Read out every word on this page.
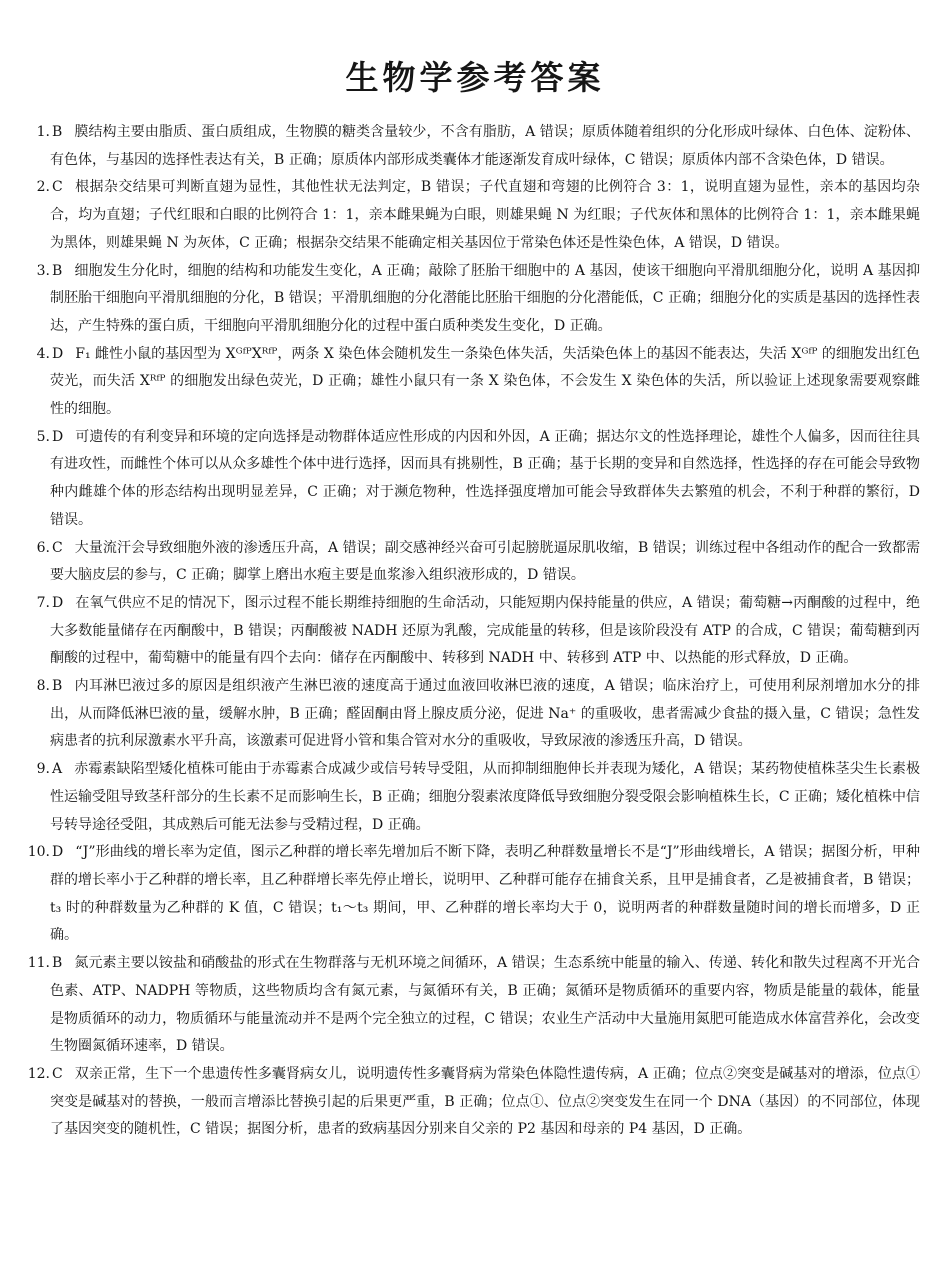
生物学参考答案
1. B 膜结构主要由脂质、蛋白质组成，生物膜的糖类含量较少，不含有脂肪，A 错误；原质体随着组织的分化形成叶绿体、白色体、淀粉体、有色体，与基因的选择性表达有关，B 正确；原质体内部形成类囊体才能逐渐发育成叶绿体，C 错误；原质体内部不含染色体，D 错误。
2. C 根据杂交结果可判断直翅为显性，其他性状无法判定，B 错误；子代直翅和弯翅的比例符合 3：1，说明直翅为显性，亲本的基因均杂合，均为直翅；子代红眼和白眼的比例符合 1：1，亲本雌果蝇为白眼，则雄果蝇 N 为红眼；子代灰体和黑体的比例符合 1：1，亲本雌果蝇为黑体，则雄果蝇 N 为灰体，C 正确；根据杂交结果不能确定相关基因位于常染色体还是性染色体，A 错误，D 错误。
3. B 细胞发生分化时，细胞的结构和功能发生变化，A 正确；敲除了胚胎干细胞中的 A 基因，使该干细胞向平滑肌细胞分化，说明 A 基因抑制胚胎干细胞向平滑肌细胞的分化，B 错误；平滑肌细胞的分化潜能比胚胎干细胞的分化潜能低，C 正确；细胞分化的实质是基因的选择性表达，产生特殊的蛋白质，干细胞向平滑肌细胞分化的过程中蛋白质种类发生变化，D 正确。
4. D F₁ 雌性小鼠的基因型为 XᴳᶠᴾXᴿᶠᴾ，两条 X 染色体会随机发生一条染色体失活，失活染色体上的基因不能表达，失活 Xᴳᶠᴾ 的细胞发出红色荧光，而失活 Xᴿᶠᴾ 的细胞发出绿色荧光，D 正确；雄性小鼠只有一条 X 染色体，不会发生 X 染色体的失活，所以验证上述现象需要观察雌性的细胞。
5. D 可遗传的有利变异和环境的定向选择是动物群体适应性形成的内因和外因，A 正确；据达尔文的性选择理论，雄性个人偏多，因而往往具有进攻性，而雌性个体可以从众多雄性个体中进行选择，因而具有挑剔性，B 正确；基于长期的变异和自然选择，性选择的存在可能会导致物种内雌雄个体的形态结构出现明显差异，C 正确；对于濒危物种，性选择强度增加可能会导致群体失去繁殖的机会，不利于种群的繁衍，D 错误。
6. C 大量流汗会导致细胞外液的渗透压升高，A 错误；副交感神经兴奋可引起膀胱逼尿肌收缩，B 错误；训练过程中各组动作的配合一致都需要大脑皮层的参与，C 正确；脚掌上磨出水疱主要是血浆渗入组织液形成的，D 错误。
7. D 在氧气供应不足的情况下，图示过程不能长期维持细胞的生命活动，只能短期内保持能量的供应，A 错误；葡萄糖→丙酮酸的过程中，绝大多数能量储存在丙酮酸中，B 错误；丙酮酸被 NADH 还原为乳酸，完成能量的转移，但是该阶段没有 ATP 的合成，C 错误；葡萄糖到丙酮酸的过程中，葡萄糖中的能量有四个去向：储存在丙酮酸中、转移到 NADH 中、转移到 ATP 中、以热能的形式释放，D 正确。
8. B 内耳淋巴液过多的原因是组织液产生淋巴液的速度高于通过血液回收淋巴液的速度，A 错误；临床治疗上，可使用利尿剂增加水分的排出，从而降低淋巴液的量，缓解水肿，B 正确；醛固酮由肾上腺皮质分泌，促进 Na⁺ 的重吸收，患者需减少食盐的摄入量，C 错误；急性发病患者的抗利尿激素水平升高，该激素可促进肾小管和集合管对水分的重吸收，导致尿液的渗透压升高，D 错误。
9. A 赤霉素缺陷型矮化植株可能由于赤霉素合成减少或信号转导受阻，从而抑制细胞伸长并表现为矮化，A 错误；某药物使植株茎尖生长素极性运输受阻导致茎秆部分的生长素不足而影响生长，B 正确；细胞分裂素浓度降低导致细胞分裂受限会影响植株生长，C 正确；矮化植株中信号转导途径受阻，其成熟后可能无法参与受精过程，D 正确。
10. D “J”形曲线的增长率为定值，图示乙种群的增长率先增加后不断下降，表明乙种群数量增长不是“J”形曲线增长，A 错误；据图分析，甲种群的增长率小于乙种群的增长率，且乙种群增长率先停止增长，说明甲、乙种群可能存在捕食关系，且甲是捕食者，乙是被捕食者，B 错误；t₃ 时的种群数量为乙种群的 K 值，C 错误；t₁～t₃ 期间，甲、乙种群的增长率均大于 0，说明两者的种群数量随时间的增长而增多，D 正确。
11. B 氮元素主要以铵盐和硝酸盐的形式在生物群落与无机环境之间循环，A 错误；生态系统中能量的输入、传递、转化和散失过程离不开光合色素、ATP、NADPH 等物质，这些物质均含有氮元素，与氮循环有关，B 正确；氮循环是物质循环的重要内容，物质是能量的载体，能量是物质循环的动力，物质循环与能量流动并不是两个完全独立的过程，C 错误；农业生产活动中大量施用氮肥可能造成水体富营养化，会改变生物圈氮循环速率，D 错误。
12. C 双亲正常，生下一个患遗传性多囊肾病女儿，说明遗传性多囊肾病为常染色体隐性遗传病，A 正确；位点②突变是碱基对的增添，位点①突变是碱基对的替换，一般而言增添比替换引起的后果更严重，B 正确；位点①、位点②突变发生在同一个 DNA（基因）的不同部位，体现了基因突变的随机性，C 错误；据图分析，患者的致病基因分别来自父亲的 P2 基因和母亲的 P4 基因，D 正确。
